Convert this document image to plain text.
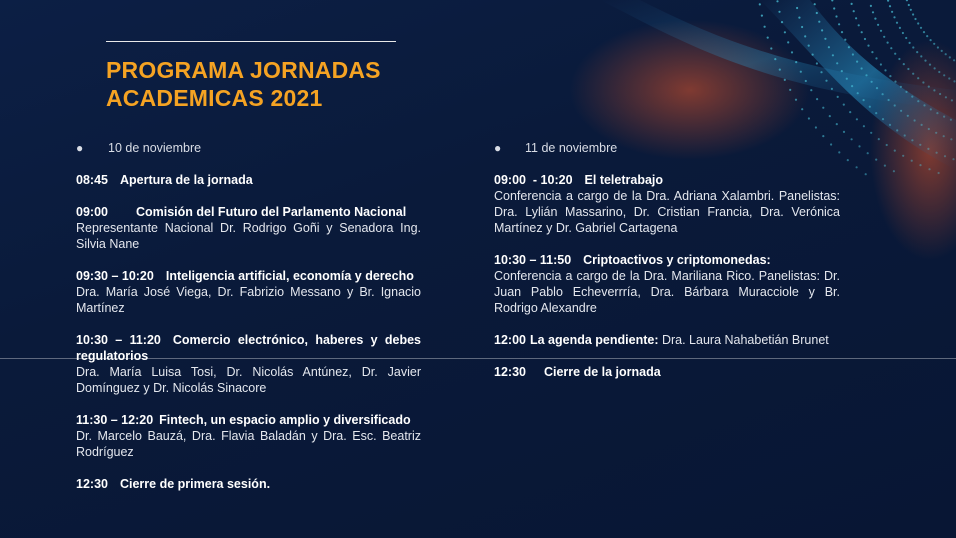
PROGRAMA JORNADAS
ACADEMICAS 2021
● 10 de noviembre
08:45 Apertura de la jornada
09:00 Comisión del Futuro del Parlamento Nacional
Representante Nacional Dr. Rodrigo Goñi y Senadora Ing. Silvia Nane
09:30 – 10:20 Inteligencia artificial, economía y derecho
Dra. María José Viega, Dr. Fabrizio Messano y Br. Ignacio Martínez
10:30 – 11:20 Comercio electrónico, haberes y debes regulatorios
Dra. María Luisa Tosi, Dr. Nicolás Antúnez, Dr. Javier Domínguez y Dr. Nicolás Sinacore
11:30 – 12:20 Fintech, un espacio amplio y diversificado
Dr. Marcelo Bauzá, Dra. Flavia Baladán y Dra. Esc. Beatriz Rodríguez
12:30 Cierre de primera sesión.
● 11 de noviembre
09:00  - 10:20 El teletrabajo
Conferencia a cargo de la Dra. Adriana Xalambri. Panelistas: Dra. Lylián Massarino, Dr. Cristian Francia, Dra. Verónica Martínez y Dr. Gabriel Cartagena
10:30 – 11:50 Criptoactivos y criptomonedas:
Conferencia a cargo de la Dra. Mariliana Rico. Panelistas: Dr. Juan Pablo Echeverrría, Dra. Bárbara Muracciole y Br. Rodrigo Alexandre
12:00 La agenda pendiente: Dra. Laura Nahabetián Brunet
12:30 Cierre de la jornada
